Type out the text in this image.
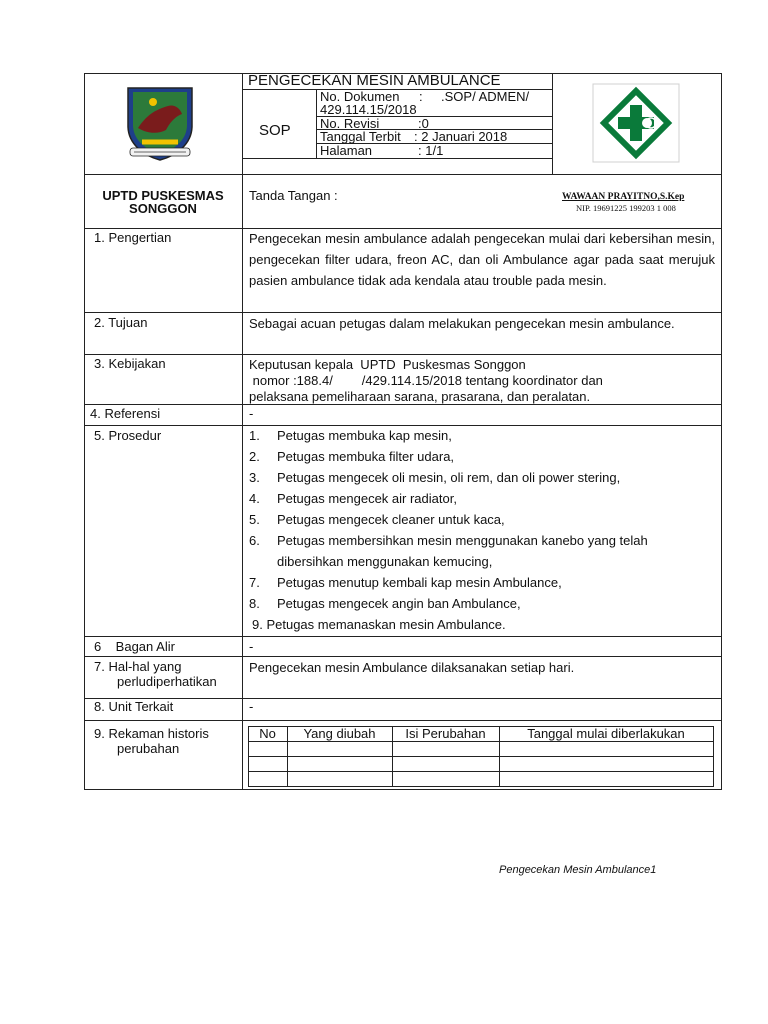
PENGECEKAN MESIN AMBULANCE
SOP
No. Dokumen : .SOP/ ADMEN/
429.114.15/2018
No. Revisi	:0
Tanggal Terbit : 2 Januari 2018
Halaman	: 1/1
UPTD PUSKESMAS
SONGGON
Tanda Tangan :	WAWAAN PRAYITNO,S.Kep
NIP. 19691225 199203 1 008
1. Pengertian	Pengecekan mesin ambulance adalah pengecekan mulai dari kebersihan mesin, pengecekan filter udara, freon AC, dan oli Ambulance agar pada saat merujuk pasien ambulance tidak ada kendala atau trouble pada mesin.
2. Tujuan	Sebagai acuan petugas dalam melakukan pengecekan mesin ambulance.
3. Kebijakan	Keputusan kepala  UPTD  Puskesmas Songgon
nomor :188.4/        /429.114.15/2018 tentang koordinator dan
pelaksana pemeliharaan sarana, prasarana, dan peralatan.
4. Referensi	-
5. Prosedur	1. Petugas membuka kap mesin,
2. Petugas membuka filter udara,
3. Petugas mengecek oli mesin, oli rem, dan oli power stering,
4. Petugas mengecek air radiator,
5. Petugas mengecek cleaner untuk kaca,
6. Petugas membersihkan mesin menggunakan kanebo yang telah
dibersihkan menggunakan kemucing,
7. Petugas menutup kembali kap mesin Ambulance,
8. Petugas mengecek angin ban Ambulance,
9. Petugas memanaskan mesin Ambulance.
6    Bagan Alir	-
7. Hal-hal yang
perludiperhatikan
Pengecekan mesin Ambulance dilaksanakan setiap hari.
8. Unit Terkait	-
9. Rekaman historis
perubahan
No	Yang diubah	Isi Perubahan	Tanggal mulai diberlakukan
Pengecekan Mesin Ambulance1
